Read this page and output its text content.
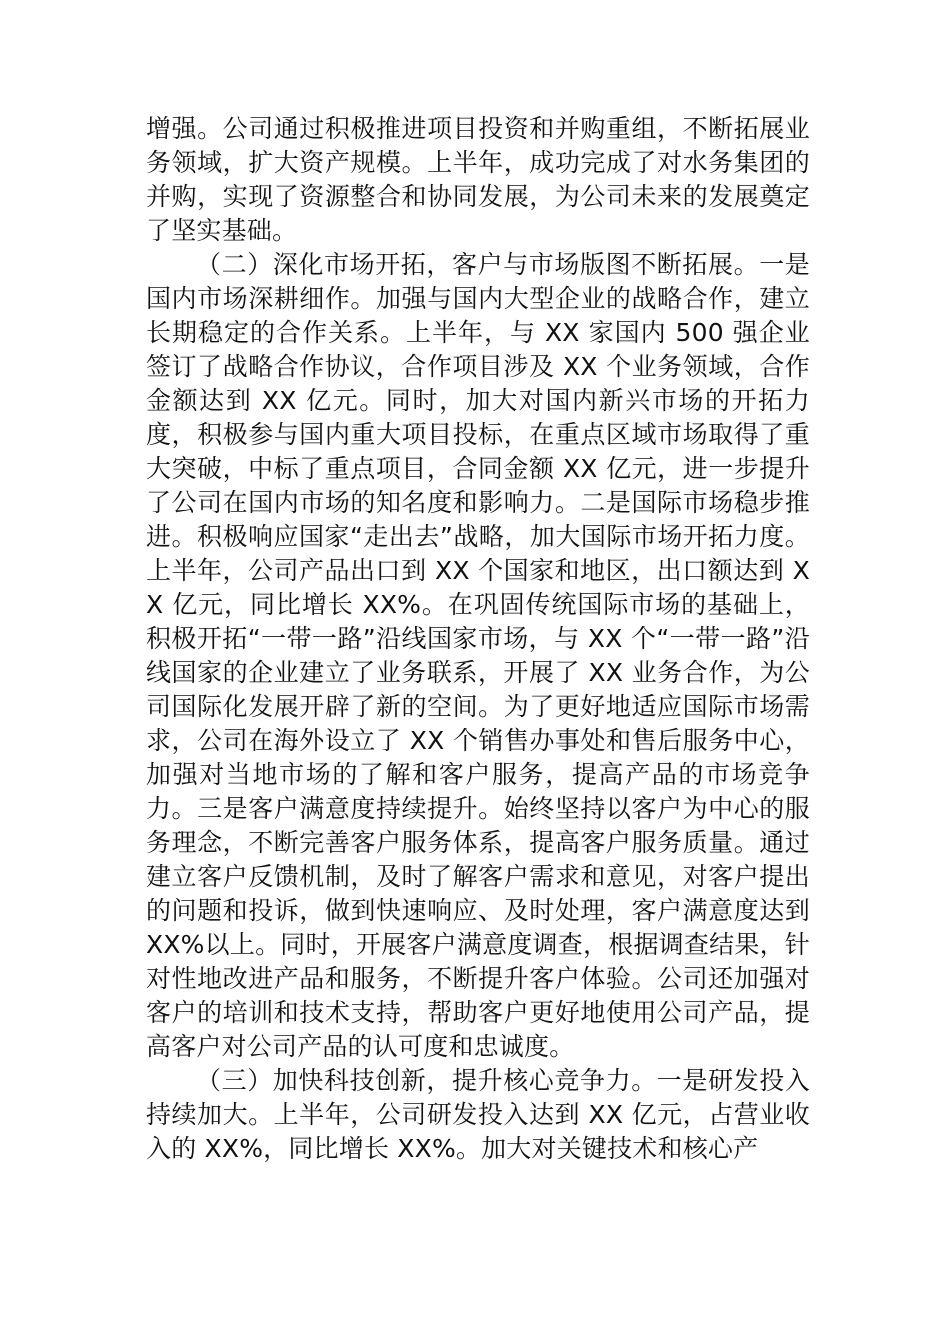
增强。公司通过积极推进项目投资和并购重组，不断拓展业务领域，扩大资产规模。上半年，成功完成了对水务集团的并购，实现了资源整合和协同发展，为公司未来的发展奠定了坚实基础。

（二）深化市场开拓，客户与市场版图不断拓展。一是国内市场深耕细作。加强与国内大型企业的战略合作，建立长期稳定的合作关系。上半年，与 XX 家国内 500 强企业签订了战略合作协议，合作项目涉及 XX 个业务领域，合作金额达到 XX 亿元。同时，加大对国内新兴市场的开拓力度，积极参与国内重大项目投标，在重点区域市场取得了重大突破，中标了重点项目，合同金额 XX 亿元，进一步提升了公司在国内市场的知名度和影响力。二是国际市场稳步推进。积极响应国家“走出去”战略，加大国际市场开拓力度。上半年，公司产品出口到 XX 个国家和地区，出口额达到 XX 亿元，同比增长 XX%。在巩固传统国际市场的基础上，积极开拓“一带一路”沿线国家市场，与 XX 个“一带一路”沿线国家的企业建立了业务联系，开展了 XX 业务合作，为公司国际化发展开辟了新的空间。为了更好地适应国际市场需求，公司在海外设立了 XX 个销售办事处和售后服务中心，加强对当地市场的了解和客户服务，提高产品的市场竞争力。三是客户满意度持续提升。始终坚持以客户为中心的服务理念，不断完善客户服务体系，提高客户服务质量。通过建立客户反馈机制，及时了解客户需求和意见，对客户提出的问题和投诉，做到快速响应、及时处理，客户满意度达到 XX%以上。同时，开展客户满意度调查，根据调查结果，针对性地改进产品和服务，不断提升客户体验。公司还加强对客户的培训和技术支持，帮助客户更好地使用公司产品，提高客户对公司产品的认可度和忠诚度。

（三）加快科技创新，提升核心竞争力。一是研发投入持续加大。上半年，公司研发投入达到 XX 亿元，占营业收入的 XX%，同比增长 XX%。加大对关键技术和核心产
